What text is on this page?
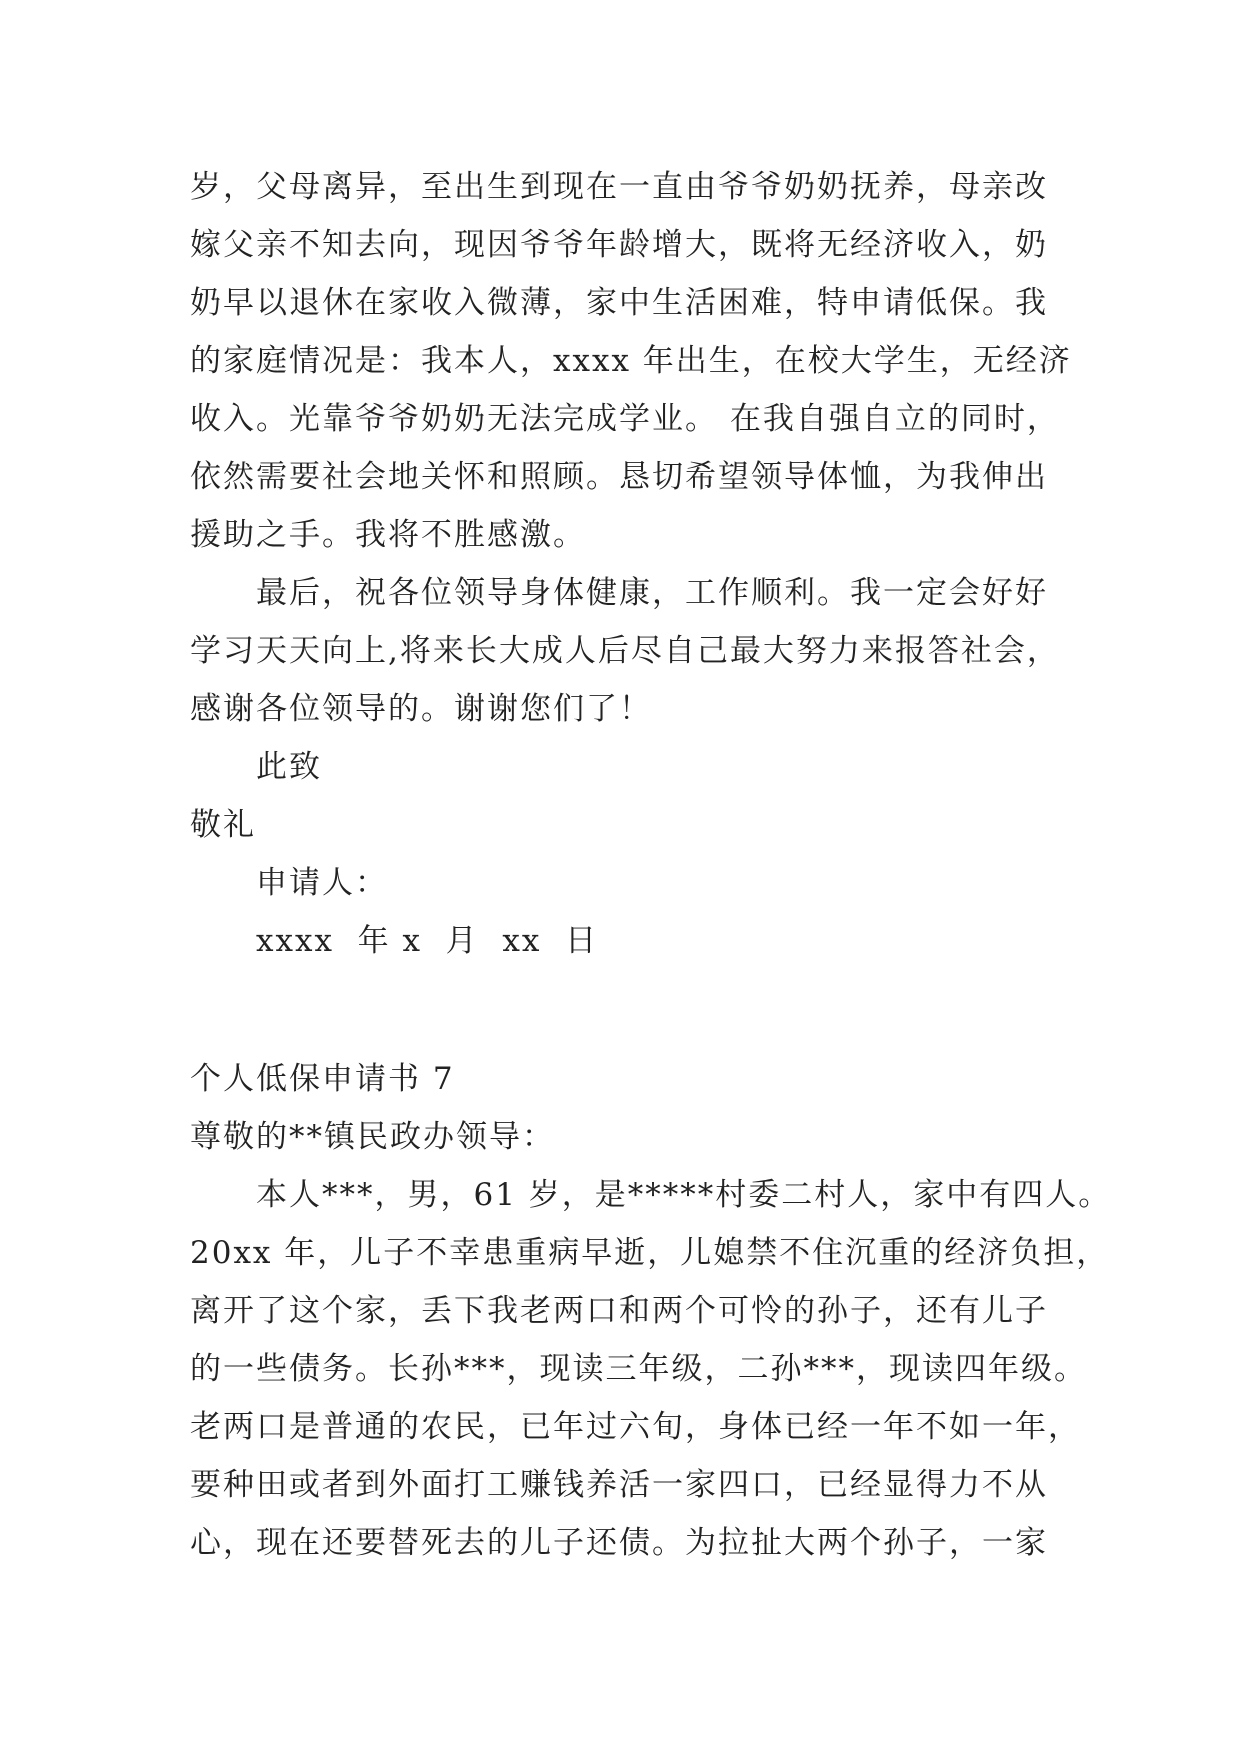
岁，父母离异，至出生到现在一直由爷爷奶奶抚养，母亲改
嫁父亲不知去向，现因爷爷年龄增大，既将无经济收入，奶
奶早以退休在家收入微薄，家中生活困难，特申请低保。我
的家庭情况是：我本人，xxxx 年出生，在校大学生，无经济
收入。光靠爷爷奶奶无法完成学业。 在我自强自立的同时，
依然需要社会地关怀和照顾。恳切希望领导体恤，为我伸出
援助之手。我将不胜感激。
最后，祝各位领导身体健康，工作顺利。我一定会好好
学习天天向上,将来长大成人后尽自己最大努力来报答社会，
感谢各位领导的。谢谢您们了！
此致
敬礼
申请人：
xxxx  年 x  月  xx  日
个人低保申请书 7
尊敬的**镇民政办领导：
本人***，男，61 岁，是*****村委二村人，家中有四人。
20xx 年，儿子不幸患重病早逝，儿媳禁不住沉重的经济负担，
离开了这个家，丢下我老两口和两个可怜的孙子，还有儿子
的一些债务。长孙***，现读三年级，二孙***，现读四年级。
老两口是普通的农民，已年过六旬，身体已经一年不如一年，
要种田或者到外面打工赚钱养活一家四口，已经显得力不从
心，现在还要替死去的儿子还债。为拉扯大两个孙子，一家
